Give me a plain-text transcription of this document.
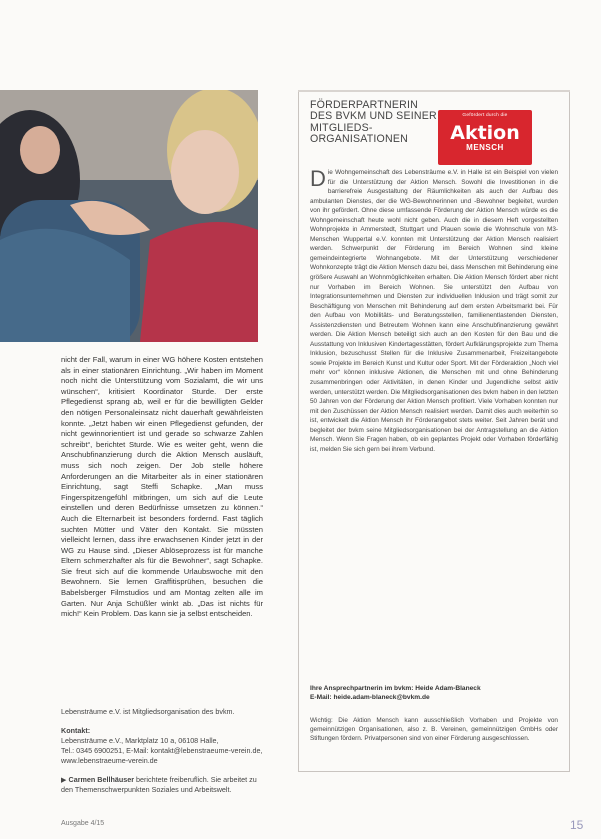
nicht der Fall, warum in einer WG höhere Kosten entstehen als in einer stationären Einrichtung. „Wir haben im Moment noch nicht die Unterstützung vom Sozialamt, die wir uns wünschen“, kritisiert Koordinator Sturde. Der erste Pflegedienst sprang ab, weil er für die bewilligten Gelder den nötigen Personaleinsatz nicht dauerhaft gewährleisten konnte. „Jetzt haben wir einen Pflegedienst gefunden, der nicht gewinnorientiert ist und gerade so schwarze Zahlen schreibt“, berichtet Sturde. Wie es weiter geht, wenn die Anschubfinanzierung durch die Aktion Mensch ausläuft, muss sich noch zeigen. Der Job stelle höhere Anforderungen an die Mitarbeiter als in einer stationären Einrichtung, sagt Steffi Schapke. „Man muss Fingerspitzengefühl mitbringen, um sich auf die Leute einstellen und deren Bedürfnisse umsetzen zu können.“ Auch die Elternarbeit ist besonders fordernd. Fast täglich suchten Mütter und Väter den Kontakt. Sie müssten vielleicht lernen, dass ihre erwachsenen Kinder jetzt in der WG zu Hause sind. „Dieser Ablöseprozess ist für manche Eltern schmerzhafter als für die Bewohner“, sagt Schapke. Sie freut sich auf die kommende Urlaubswoche mit den Bewohnern. Sie lernen Graffitisprühen, besuchen die Babelsberger Filmstudios und am Montag zelten alle im Garten. Nur Anja Schüßler winkt ab. „Das ist nichts für mich!“ Kein Problem. Das kann sie ja selbst entscheiden.

Lebensträume e.V. ist Mitgliedsorganisation des bvkm.
Kontakt:
Lebensträume e.V., Marktplatz 10 a, 06108 Halle,
Tel.: 0345 6900251, E-Mail: kontakt@lebenstraeume-verein.de,
www.lebenstraeume-verein.de
▶ Carmen Bellhäuser berichtete freiberuflich. Sie arbeitet zu den Themenschwerpunkten Soziales und Arbeitswelt.
Ausgabe 4/15	15
FÖRDERPARTNERIN
DES BVKM UND SEINER
MITGLIEDS-
ORGANISATIONEN
Gefördert durch die
Aktion
MENSCH
Die Wohngemeinschaft des Lebensträume e.V. in Halle ist ein Beispiel von vielen für die Unterstützung der Aktion Mensch. Sowohl die Investitionen in die barrierefreie Ausgestaltung der Räumlichkeiten als auch der Aufbau des ambulanten Dienstes, der die WG-Bewohnerinnen und -Bewohner begleitet, wurden von ihr gefördert. Ohne diese umfassende Förderung der Aktion Mensch würde es die Wohngemeinschaft heute wohl nicht geben. Auch die in diesem Heft vorgestellten Wohnprojekte in Ammerstedt, Stuttgart und Plauen sowie die Wohnschule von M3-Menschen Wuppertal e.V. konnten mit Unterstützung der Aktion Mensch realisiert werden. Schwerpunkt der Förderung im Bereich Wohnen sind kleine gemeindeintegrierte Wohnangebote. Mit der Unterstützung verschiedener Wohnkonzepte trägt die Aktion Mensch dazu bei, dass Menschen mit Behinderung eine größere Auswahl an Wohnmöglichkeiten erhalten. Die Aktion Mensch fördert aber nicht nur Vorhaben im Bereich Wohnen. Sie unterstützt den Aufbau von Integrationsunternehmen und Diensten zur individuellen Inklusion und trägt somit zur Beschäftigung von Menschen mit Behinderung auf dem ersten Arbeitsmarkt bei. Für den Aufbau von Mobilitäts- und Beratungsstellen, familienentlastenden Diensten, Assistenzdiensten und Betreutem Wohnen kann eine Anschubfinanzierung gewährt werden. Die Aktion Mensch beteiligt sich auch an den Kosten für den Bau und die Ausstattung von Inklusiven Kindertagesstätten, fördert Aufklärungsprojekte zum Thema Inklusion, bezuschusst Stellen für die Inklusive Zusammenarbeit, Freizeitangebote sowie Projekte im Bereich Kunst und Kultur oder Sport. Mit der Förderaktion „Noch viel mehr vor“ können inklusive Aktionen, die Menschen mit und ohne Behinderung zusammenbringen oder Aktivitäten, in denen Kinder und Jugendliche selbst aktiv werden, unterstützt werden. Die Mitgliedsorganisationen des bvkm haben in den letzten 50 Jahren von der Förderung der Aktion Mensch profitiert. Viele Vorhaben konnten nur mit den Zuschüssen der Aktion Mensch realisiert werden. Damit dies auch weiterhin so ist, entwickelt die Aktion Mensch ihr Förderangebot stets weiter. Seit Jahren berät und begleitet der bvkm seine Mitgliedsorganisationen bei der Antragstellung an die Aktion Mensch. Wenn Sie Fragen haben, ob ein geplantes Projekt oder Vorhaben förderfähig ist, melden Sie sich gern bei ihrem Verbund.
Ihre Ansprechpartnerin im bvkm: Heide Adam-Blaneck
E-Mail: heide.adam-blaneck@bvkm.de
Wichtig: Die Aktion Mensch kann ausschließlich Vorhaben und Projekte von gemeinnützigen Organisationen, also z. B. Vereinen, gemeinnützigen GmbHs oder Stiftungen fördern. Privatpersonen sind von einer Förderung ausgeschlossen.
